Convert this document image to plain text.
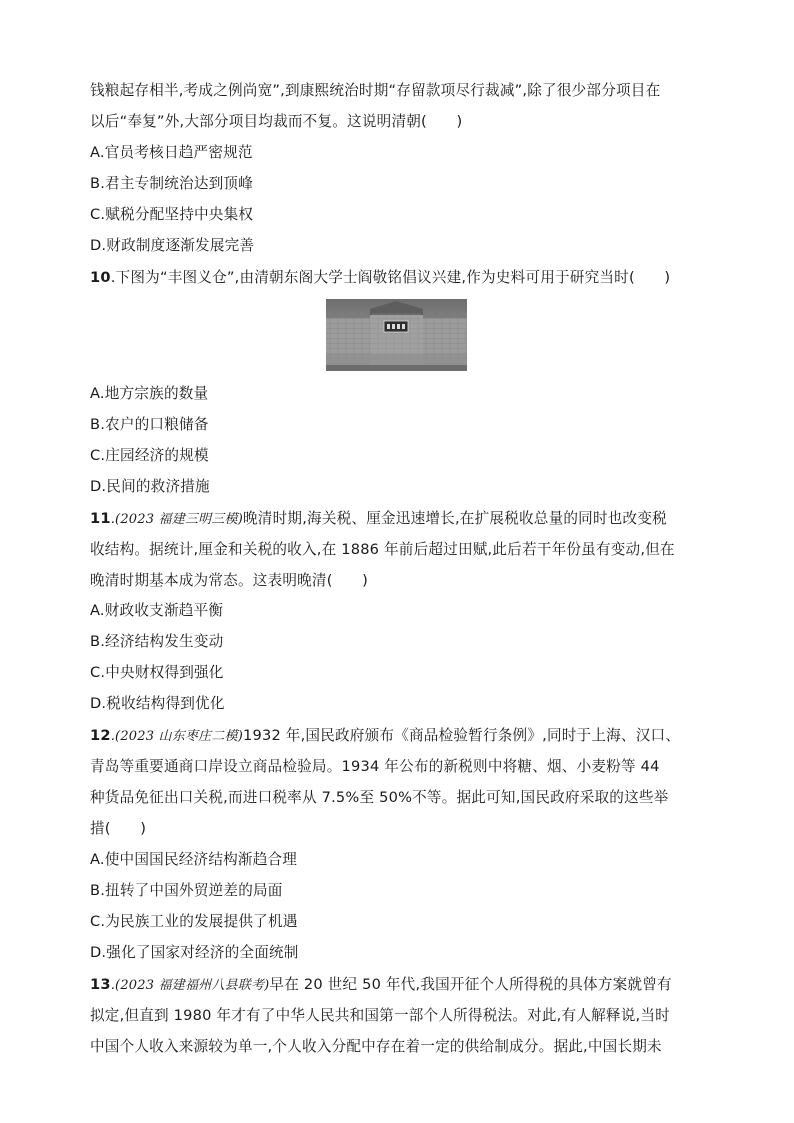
钱粮起存相半,考成之例尚宽”,到康熙统治时期“存留款项尽行裁减”,除了很少部分项目在
以后“奉复”外,大部分项目均裁而不复。这说明清朝(　　)
A.官员考核日趋严密规范
B.君主专制统治达到顶峰
C.赋税分配坚持中央集权
D.财政制度逐渐发展完善
10.下图为“丰图义仓”,由清朝东阁大学士阎敬铭倡议兴建,作为史料可用于研究当时(　　)
A.地方宗族的数量
B.农户的口粮储备
C.庄园经济的规模
D.民间的救济措施
11.(2023 福建三明三模)晚清时期,海关税、厘金迅速增长,在扩展税收总量的同时也改变税
收结构。据统计,厘金和关税的收入,在 1886 年前后超过田赋,此后若干年份虽有变动,但在
晚清时期基本成为常态。这表明晚清(　　)
A.财政收支渐趋平衡
B.经济结构发生变动
C.中央财权得到强化
D.税收结构得到优化
12.(2023 山东枣庄二模)1932 年,国民政府颁布《商品检验暂行条例》,同时于上海、汉口、
青岛等重要通商口岸设立商品检验局。1934 年公布的新税则中将糖、烟、小麦粉等 44
种货品免征出口关税,而进口税率从 7.5%至 50%不等。据此可知,国民政府采取的这些举
措(　　)
A.使中国国民经济结构渐趋合理
B.扭转了中国外贸逆差的局面
C.为民族工业的发展提供了机遇
D.强化了国家对经济的全面统制
13.(2023 福建福州八县联考)早在 20 世纪 50 年代,我国开征个人所得税的具体方案就曾有
拟定,但直到 1980 年才有了中华人民共和国第一部个人所得税法。对此,有人解释说,当时
中国个人收入来源较为单一,个人收入分配中存在着一定的供给制成分。据此,中国长期未
